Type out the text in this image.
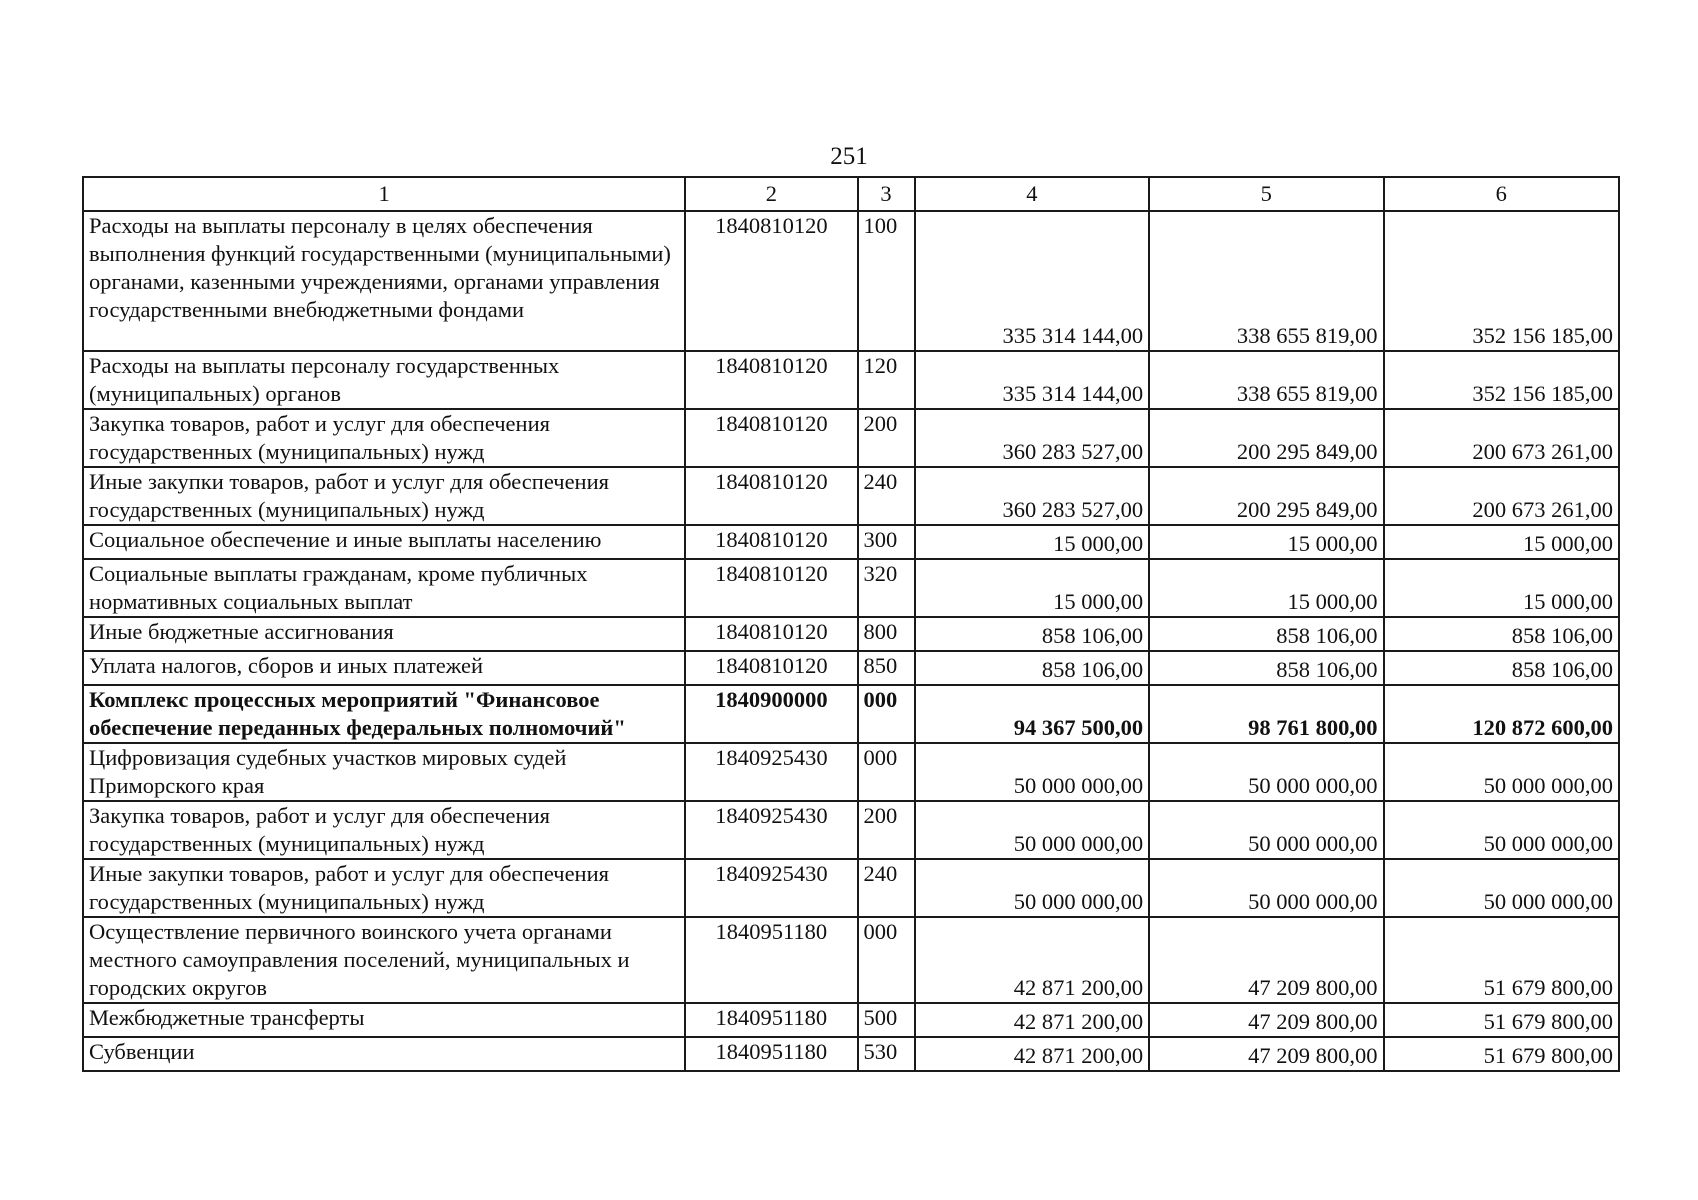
251
1	2	3	4	5	6
Расходы на выплаты персоналу в целях обеспечения выполнения функций государственными (муниципальными) органами, казенными учреждениями, органами управления государственными внебюджетными фондами	1840810120	100	335 314 144,00	338 655 819,00	352 156 185,00
Расходы на выплаты персоналу государственных (муниципальных) органов	1840810120	120	335 314 144,00	338 655 819,00	352 156 185,00
Закупка товаров, работ и услуг для обеспечения государственных (муниципальных) нужд	1840810120	200	360 283 527,00	200 295 849,00	200 673 261,00
Иные закупки товаров, работ и услуг для обеспечения государственных (муниципальных) нужд	1840810120	240	360 283 527,00	200 295 849,00	200 673 261,00
Социальное обеспечение и иные выплаты населению	1840810120	300	15 000,00	15 000,00	15 000,00
Социальные выплаты гражданам, кроме публичных нормативных социальных выплат	1840810120	320	15 000,00	15 000,00	15 000,00
Иные бюджетные ассигнования	1840810120	800	858 106,00	858 106,00	858 106,00
Уплата налогов, сборов и иных платежей	1840810120	850	858 106,00	858 106,00	858 106,00
Комплекс процессных мероприятий "Финансовое обеспечение переданных федеральных полномочий"	1840900000	000	94 367 500,00	98 761 800,00	120 872 600,00
Цифровизация судебных участков мировых судей Приморского края	1840925430	000	50 000 000,00	50 000 000,00	50 000 000,00
Закупка товаров, работ и услуг для обеспечения государственных (муниципальных) нужд	1840925430	200	50 000 000,00	50 000 000,00	50 000 000,00
Иные закупки товаров, работ и услуг для обеспечения государственных (муниципальных) нужд	1840925430	240	50 000 000,00	50 000 000,00	50 000 000,00
Осуществление первичного воинского учета органами местного самоуправления поселений, муниципальных и городских округов	1840951180	000	42 871 200,00	47 209 800,00	51 679 800,00
Межбюджетные трансферты	1840951180	500	42 871 200,00	47 209 800,00	51 679 800,00
Субвенции	1840951180	530	42 871 200,00	47 209 800,00	51 679 800,00
